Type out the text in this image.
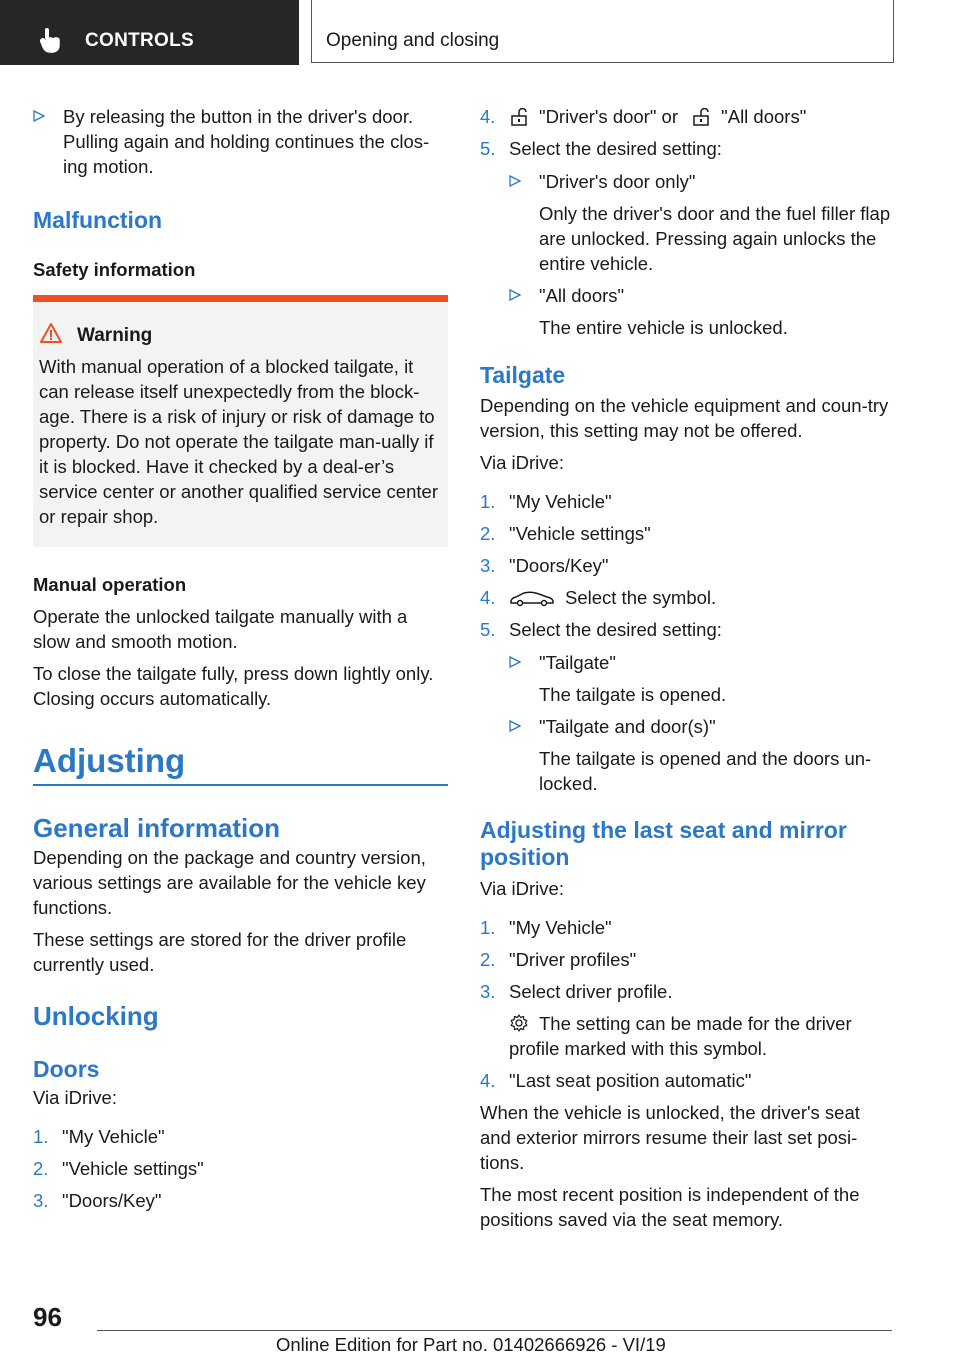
CONTROLS	Opening and closing
By releasing the button in the driver's door. Pulling again and holding continues the clos-ing motion.
Malfunction
Safety information
Warning
With manual operation of a blocked tailgate, it can release itself unexpectedly from the block-age. There is a risk of injury or risk of damage to property. Do not operate the tailgate man-ually if it is blocked. Have it checked by a deal-er’s service center or another qualified service center or repair shop.
Manual operation

Operate the unlocked tailgate manually with a slow and smooth motion.

To close the tailgate fully, press down lightly only. Closing occurs automatically.

Adjusting
General information

Depending on the package and country version, various settings are available for the vehicle key functions.

These settings are stored for the driver profile currently used.

Unlocking
Doors

Via iDrive:

1. "My Vehicle"
2. "Vehicle settings"
3. "Doors/Key"
4. "Driver's door" or "All doors"
5. Select the desired setting:
"Driver's door only"
Only the driver's door and the fuel filler flap are unlocked. Pressing again unlocks the entire vehicle.
"All doors"
The entire vehicle is unlocked.
Tailgate

Depending on the vehicle equipment and coun-try version, this setting may not be offered.

Via iDrive:

1. "My Vehicle"
2. "Vehicle settings"
3. "Doors/Key"
4.	Select the symbol.
5. Select the desired setting:
"Tailgate"
The tailgate is opened.
"Tailgate and door(s)"
The tailgate is opened and the doors un-locked.
Adjusting the last seat and mirror position

Via iDrive:

1. "My Vehicle"
2. "Driver profiles"
3. Select driver profile.
The setting can be made for the driver profile marked with this symbol.
4. "Last seat position automatic"

When the vehicle is unlocked, the driver's seat and exterior mirrors resume their last set posi-tions.

The most recent position is independent of the positions saved via the seat memory.

96
Online Edition for Part no. 01402666926 - VI/19
